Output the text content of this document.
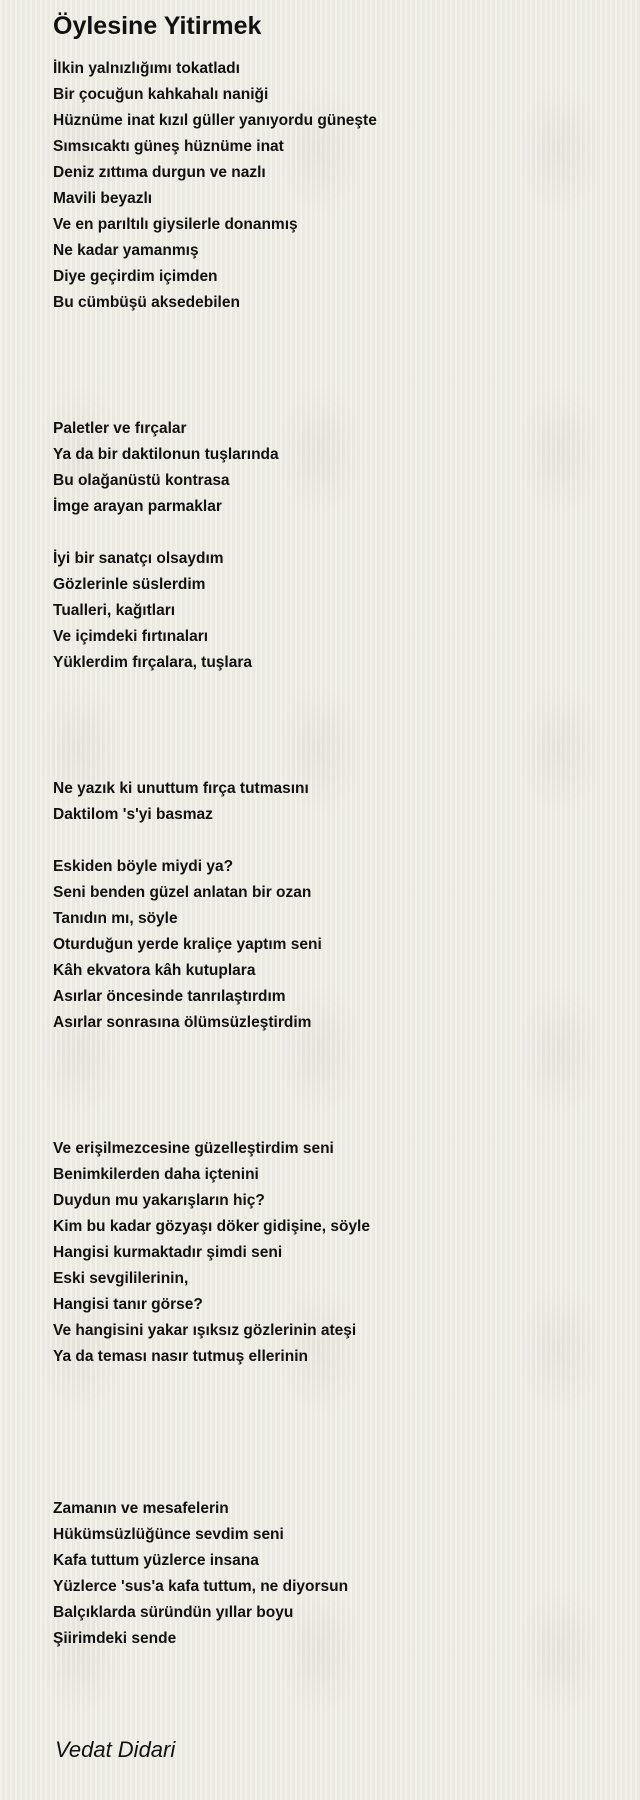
Öylesine Yitirmek
İlkin yalnızlığımı tokatladı
Bir çocuğun kahkahalı naniği
Hüznüme inat kızıl güller yanıyordu güneşte
Sımsıcaktı güneş hüznüme inat
Deniz zıttıma durgun ve nazlı
Mavili beyazlı
Ve en parıltılı giysilerle donanmış
Ne kadar yamanmış
Diye geçirdim içimden
Bu cümbüşü aksedebilen
Paletler ve fırçalar
Ya da bir daktilonun tuşlarında
Bu olağanüstü kontrasa
İmge arayan parmaklar
İyi bir sanatçı olsaydım
Gözlerinle süslerdim
Tualleri, kağıtları
Ve içimdeki fırtınaları
Yüklerdim fırçalara, tuşlara
Ne yazık ki unuttum fırça tutmasını
Daktilom 's'yi basmaz
Eskiden böyle miydi ya?
Seni benden güzel anlatan bir ozan
Tanıdın mı, söyle
Oturduğun yerde kraliçe yaptım seni
Kâh ekvatora kâh kutuplara
Asırlar öncesinde tanrılaştırdım
Asırlar sonrasına ölümsüzleştirdim
Ve erişilmezcesine güzelleştirdim seni
Benimkilerden daha içtenini
Duydun mu yakarışların hiç?
Kim bu kadar gözyaşı döker gidişine, söyle
Hangisi kurmaktadır şimdi seni
Eski sevgililerinin,
Hangisi tanır görse?
Ve hangisini yakar ışıksız gözlerinin ateşi
Ya da teması nasır tutmuş ellerinin
Zamanın ve mesafelerin
Hükümsüzlüğünce sevdim seni
Kafa tuttum yüzlerce insana
Yüzlerce 'sus'a kafa tuttum, ne diyorsun
Balçıklarda süründün yıllar boyu
Şiirimdeki sende

Vedat Didari
